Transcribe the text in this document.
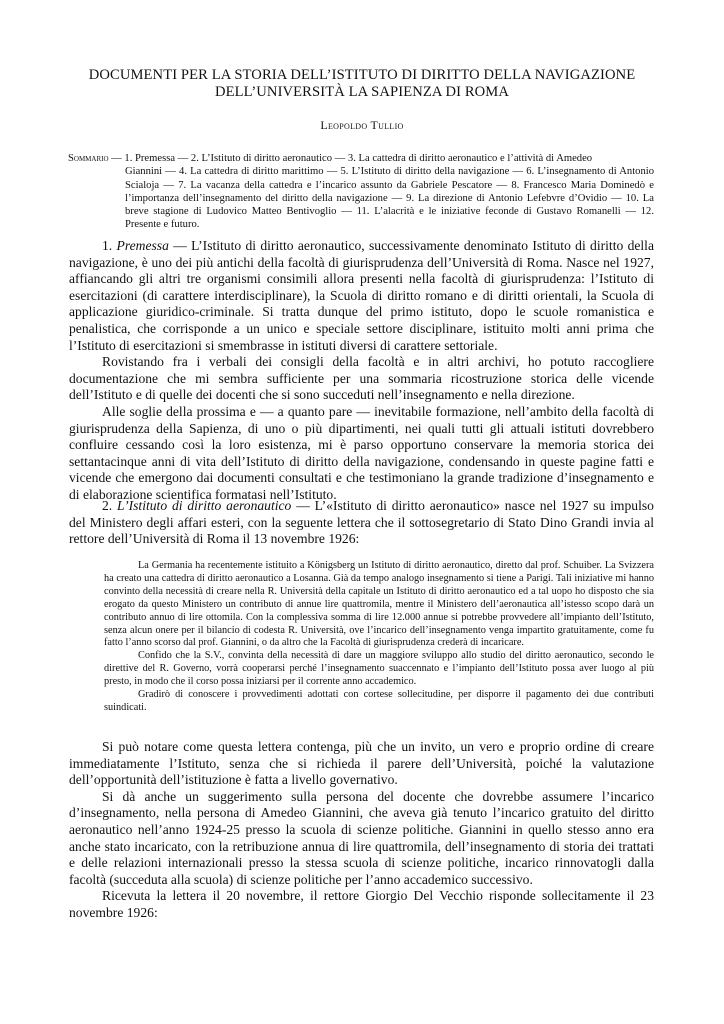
DOCUMENTI PER LA STORIA DELL’ISTITUTO DI DIRITTO DELLA NAVIGAZIONE
DELL’UNIVERSITÀ LA SAPIENZA DI ROMA
Leopoldo Tullio
Sommario — 1. Premessa — 2. L’Istituto di diritto aeronautico — 3. La cattedra di diritto aeronautico e l’attività di Amedeo
Giannini — 4. La cattedra di diritto marittimo — 5. L’Istituto di diritto della navigazione — 6. L’insegnamento di Antonio Scialoja — 7. La vacanza della cattedra e l’incarico assunto da Gabriele Pescatore — 8. Francesco Maria Dominedò e l’importanza dell’insegnamento del diritto della navigazione — 9. La direzione di Antonio Lefebvre d’Ovidio — 10. La breve stagione di Ludovico Matteo Bentivoglio — 11. L’alacrità e le iniziative feconde di Gustavo Romanelli — 12. Presente e futuro.

1. Premessa — L’Istituto di diritto aeronautico, successivamente denominato Istituto di diritto della navigazione, è uno dei più antichi della facoltà di giurisprudenza dell’Università di Roma. Nasce nel 1927, affiancando gli altri tre organismi consimili allora presenti nella facoltà di giurisprudenza: l’Istituto di esercitazioni (di carattere interdisciplinare), la Scuola di diritto romano e di diritti orientali, la Scuola di applicazione giuridico-criminale. Si tratta dunque del primo istituto, dopo le scuole romanistica e penalistica, che corrisponde a un unico e speciale settore disciplinare, istituito molti anni prima che l’Istituto di esercitazioni si smembrasse in istituti diversi di carattere settoriale.

Rovistando fra i verbali dei consigli della facoltà e in altri archivi, ho potuto raccogliere documentazione che mi sembra sufficiente per una sommaria ricostruzione storica delle vicende dell’Istituto e di quelle dei docenti che si sono succeduti nell’insegnamento e nella direzione.

Alle soglie della prossima e — a quanto pare — inevitabile formazione, nell’ambito della facoltà di giurisprudenza della Sapienza, di uno o più dipartimenti, nei quali tutti gli attuali istituti dovrebbero confluire cessando così la loro esistenza, mi è parso opportuno conservare la memoria storica dei settantacinque anni di vita dell’Istituto di diritto della navigazione, condensando in queste pagine fatti e vicende che emergono dai documenti consultati e che testimoniano la grande tradizione d’insegnamento e di elaborazione scientifica formatasi nell’Istituto.

2. L’Istituto di diritto aeronautico — L’«Istituto di diritto aeronautico» nasce nel 1927 su impulso del Ministero degli affari esteri, con la seguente lettera che il sottosegretario di Stato Dino Grandi invia al rettore dell’Università di Roma il 13 novembre 1926:

La Germania ha recentemente istituito a Königsberg un Istituto di diritto aeronautico, diretto dal prof. Schuiber. La Svizzera ha creato una cattedra di diritto aeronautico a Losanna. Già da tempo analogo insegnamento si tiene a Parigi. Tali iniziative mi hanno convinto della necessità di creare nella R. Università della capitale un Istituto di diritto aeronautico ed a tal uopo ho disposto che sia erogato da questo Ministero un contributo di annue lire quattromila, mentre il Ministero dell’aeronautica all’istesso scopo darà un contributo annuo di lire ottomila. Con la complessiva somma di lire 12.000 annue si potrebbe provvedere all’impianto dell’Istituto, senza alcun onere per il bilancio di codesta R. Università, ove l’incarico dell’insegnamento venga impartito gratuitamente, come fu fatto l’anno scorso dal prof. Giannini, o da altro che la Facoltà di giurisprudenza crederà di incaricare.

Confido che la S.V., convinta della necessità di dare un maggiore sviluppo allo studio del diritto aeronautico, secondo le direttive del R. Governo, vorrà cooperarsi perché l’insegnamento suaccennato e l’impianto dell’Istituto possa aver luogo al più presto, in modo che il corso possa iniziarsi per il corrente anno accademico.

Gradirò di conoscere i provvedimenti adottati con cortese sollecitudine, per disporre il pagamento dei due contributi suindicati.

Si può notare come questa lettera contenga, più che un invito, un vero e proprio ordine di creare immediatamente l’Istituto, senza che si richieda il parere dell’Università, poiché la valutazione dell’opportunità dell’istituzione è fatta a livello governativo.

Si dà anche un suggerimento sulla persona del docente che dovrebbe assumere l’incarico d’insegnamento, nella persona di Amedeo Giannini, che aveva già tenuto l’incarico gratuito del diritto aeronautico nell’anno 1924-25 presso la scuola di scienze politiche. Giannini in quello stesso anno era anche stato incaricato, con la retribuzione annua di lire quattromila, dell’insegnamento di storia dei trattati e delle relazioni internazionali presso la stessa scuola di scienze politiche, incarico rinnovatogli dalla facoltà (succeduta alla scuola) di scienze politiche per l’anno accademico successivo.

Ricevuta la lettera il 20 novembre, il rettore Giorgio Del Vecchio risponde sollecitamente il 23 novembre 1926:
